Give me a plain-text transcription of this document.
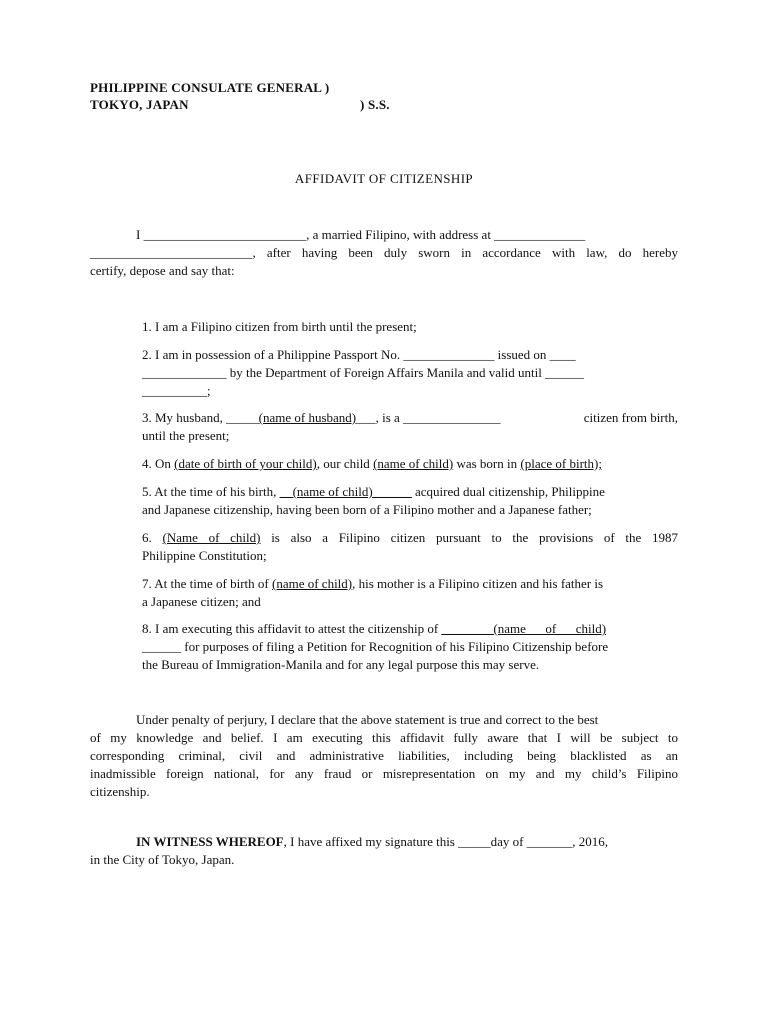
PHILIPPINE CONSULATE GENERAL )
TOKYO, JAPAN	) S.S.
AFFIDAVIT OF CITIZENSHIP
I _________________________, a married Filipino, with address at ______________
_________________________, after having been duly sworn in accordance with law, do hereby
certify, depose and say that:
1. I am a Filipino citizen from birth until the present;
2. I am in possession of a Philippine Passport No. ______________ issued on ____
_____________ by the Department of Foreign Affairs Manila and valid until ______
__________;
3. My husband, _____(name of husband)___, is a _______________	citizen from birth,
until the present;
4. On (date of birth of your child), our child (name of child) was born in (place of birth);
5. At the time of his birth, __(name of child)______ acquired dual citizenship, Philippine
and Japanese citizenship, having been born of a Filipino mother and a Japanese father;
6. (Name of child) is also a Filipino citizen pursuant to the provisions of the 1987
Philippine Constitution;
7. At the time of birth of (name of child), his mother is a Filipino citizen and his father is
a Japanese citizen; and
8. I am executing this affidavit to attest the citizenship of ________(name      of      child)
______ for purposes of filing a Petition for Recognition of his Filipino Citizenship before
the Bureau of Immigration-Manila and for any legal purpose this may serve.
Under penalty of perjury, I declare that the above statement is true and correct to the best
of my knowledge and belief. I am executing this affidavit fully aware that I will be subject to
corresponding criminal, civil and administrative liabilities, including being blacklisted as an
inadmissible foreign national, for any fraud or misrepresentation on my and my child’s Filipino
citizenship.
IN WITNESS WHEREOF, I have affixed my signature this _____day of _______, 2016,
in the City of Tokyo, Japan.
